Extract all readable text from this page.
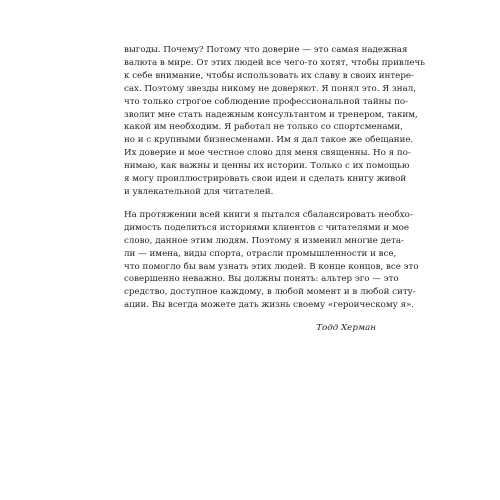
выгоды. Почему? Потому что доверие — это самая надежная
валюта в мире. От этих людей все чего-то хотят, чтобы привлечь
к себе внимание, чтобы использовать их славу в своих интере-
сах. Поэтому звезды никому не доверяют. Я понял это. Я знал,
что только строгое соблюдение профессиональной тайны по-
зволит мне стать надежным консультантом и тренером, таким,
какой им необходим. Я работал не только со спортсменами,
но и с крупными бизнесменами. Им я дал такое же обещание.
Их доверие и мое честное слово для меня священны. Но я по-
нимаю, как важны и ценны их истории. Только с их помощью
я могу проиллюстрировать свои идеи и сделать книгу живой
и увлекательной для читателей.

На протяжении всей книги я пытался сбалансировать необхо-
димость поделиться историями клиентов с читателями и мое
слово, данное этим людям. Поэтому я изменил многие дета-
ли — имена, виды спорта, отрасли промышленности и все,
что помогло бы вам узнать этих людей. В конце концов, все это
совершенно неважно. Вы должны понять: альтер эго — это
средство, доступное каждому, в любой момент и в любой ситу-
ации. Вы всегда можете дать жизнь своему «героическому я».

Тодд Херман
